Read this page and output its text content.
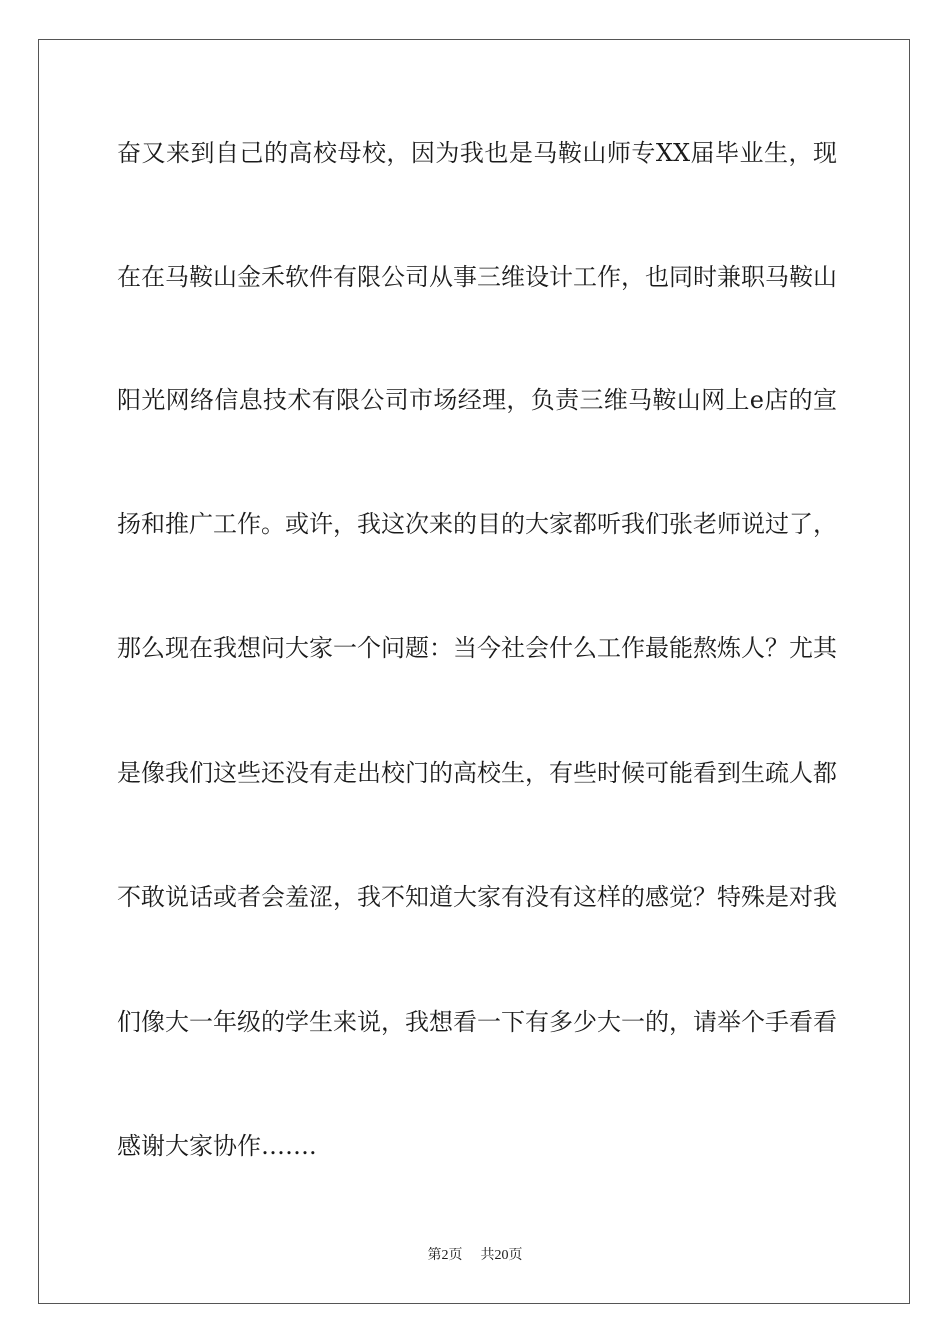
奋又来到自己的高校母校，因为我也是马鞍山师专XX届毕业生，现
在在马鞍山金禾软件有限公司从事三维设计工作，也同时兼职马鞍山
阳光网络信息技术有限公司市场经理，负责三维马鞍山网上e店的宣
扬和推广工作。或许，我这次来的目的大家都听我们张老师说过了，
那么现在我想问大家一个问题：当今社会什么工作最能熬炼人？尤其
是像我们这些还没有走出校门的高校生，有些时候可能看到生疏人都
不敢说话或者会羞涩，我不知道大家有没有这样的感觉？特殊是对我
们像大一年级的学生来说，我想看一下有多少大一的，请举个手看看
感谢大家协作…….
第2页 共20页
